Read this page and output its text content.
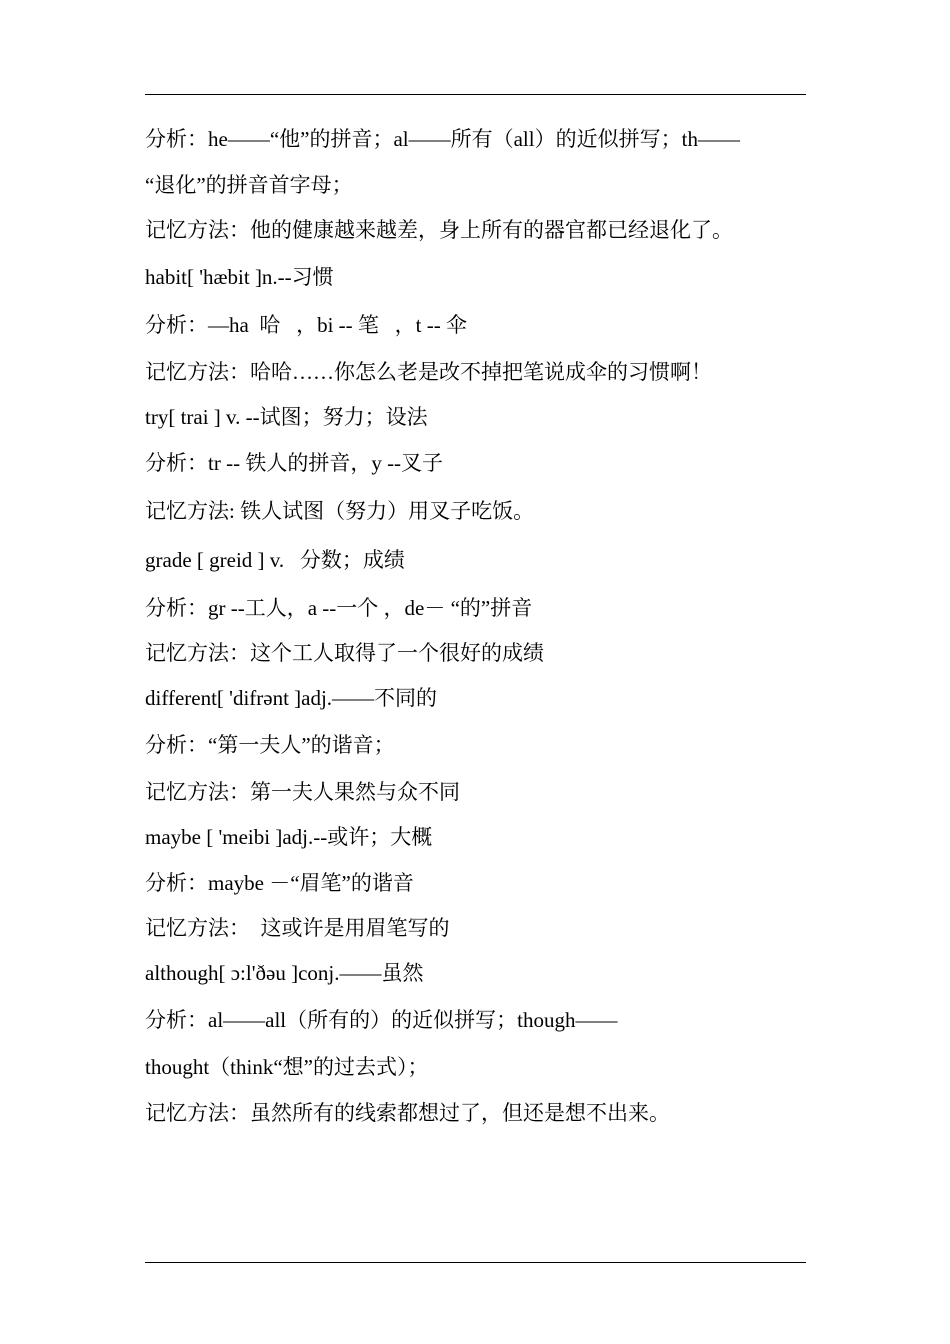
分析：he——“他”的拼音；al——所有（all）的近似拼写；th——
“退化”的拼音首字母；
记忆方法：他的健康越来越差，身上所有的器官都已经退化了。
habit[ 'hæbit ]n.--习惯
分析：—ha  哈   ，bi -- 笔   ，t -- 伞
记忆方法：哈哈……你怎么老是改不掉把笔说成伞的习惯啊！
try[ trai ] v. --试图；努力；设法
分析：tr -- 铁人的拼音，y --叉子
记忆方法: 铁人试图（努力）用叉子吃饭。
grade [ greid ] v.   分数；成绩
分析：gr --工人，a --一个 ，de－ “的”拼音
记忆方法：这个工人取得了一个很好的成绩
different[ 'difrənt ]adj.——不同的
分析：“第一夫人”的谐音；
记忆方法：第一夫人果然与众不同
maybe [ 'meibi ]adj.--或许；大概
分析：maybe －“眉笔”的谐音
记忆方法：  这或许是用眉笔写的
although[ ɔ:l'ðəu ]conj.——虽然
分析：al——all（所有的）的近似拼写；though——
thought（think“想”的过去式）；
记忆方法：虽然所有的线索都想过了，但还是想不出来。
